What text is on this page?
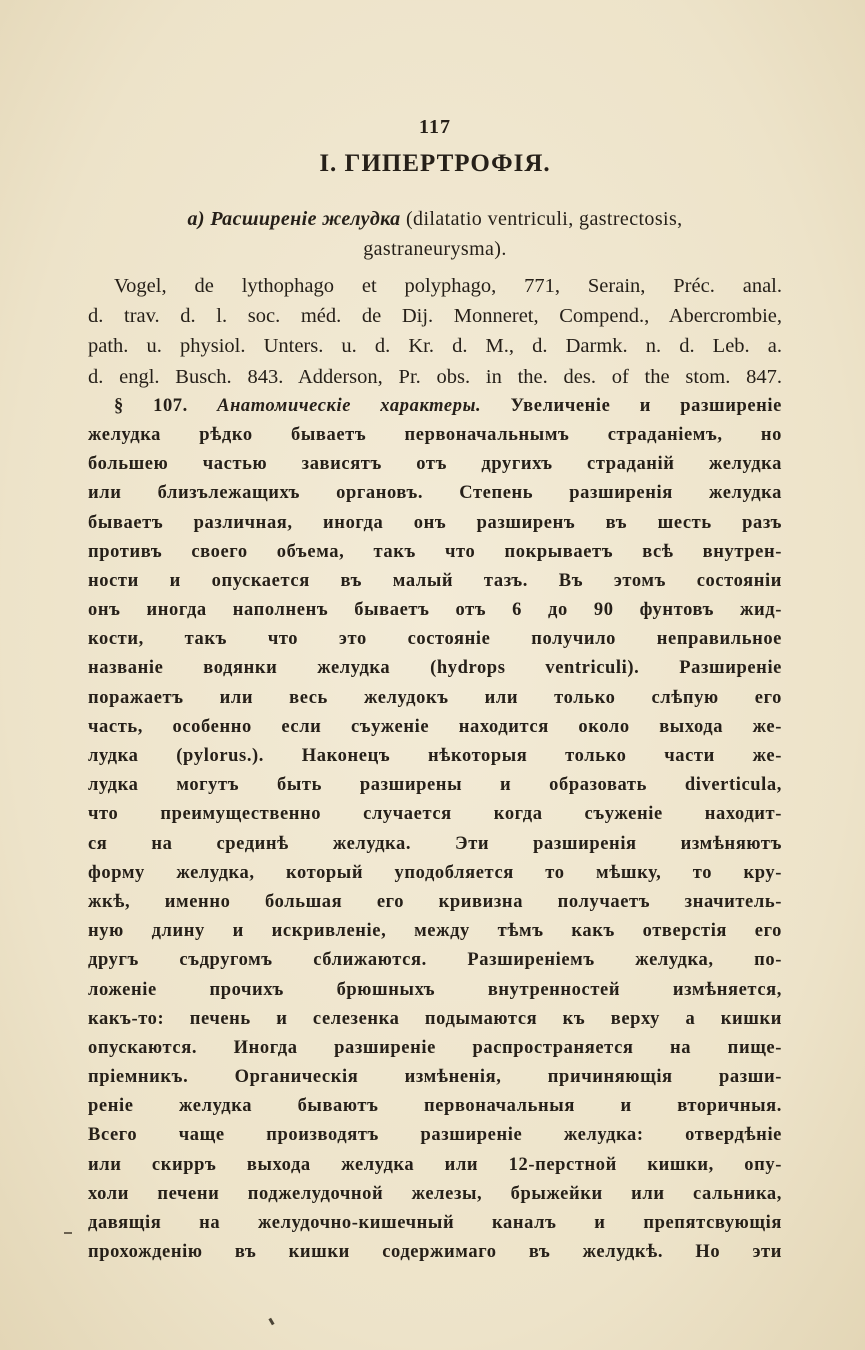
117
I. ГИПЕРТРОФІЯ.
a) Расширеніе желудка (dilatatio ventriculi, gastrectosis,
gastraneurysma).
Vogel, de lythophago et polyphago, 771, Serain, Préc. anal.
d. trav. d. l. soc. méd. de Dij. Monneret, Compend., Abercrombie,
path. u. physiol. Unters. u. d. Kr. d. M., d. Darmk. n. d. Leb. a.
d. engl. Busch. 843. Adderson, Pr. obs. in the. des. of the stom. 847.
§ 107. Анатомическіе характеры. Увеличеніе и разширеніе
желудка рѣдко бываетъ первоначальнымъ страданіемъ, но
большею частью зависятъ отъ другихъ страданій желудка
или близълежащихъ органовъ. Степень разширенія желудка
бываетъ различная, иногда онъ разширенъ въ шесть разъ
противъ своего объема, такъ что покрываетъ всѣ внутрен-
ности и опускается въ малый тазъ. Въ этомъ состояніи
онъ иногда наполненъ бываетъ отъ 6 до 90 фунтовъ жид-
кости, такъ что это состояніе получило неправильное
названіе водянки желудка (hydrops ventriculi). Разширеніе
поражаетъ или весь желудокъ или только слѣпую его
часть, особенно если съуженіе находится около выхода же-
лудка (pylorus.). Наконецъ нѣкоторыя только части же-
лудка могутъ быть разширены и образовать diverticula,
что преимущественно случается когда съуженіе находит-
ся на срединѣ желудка. Эти разширенія измѣняютъ
форму желудка, который уподобляется то мѣшку, то кру-
жкѣ, именно большая его кривизна получаетъ значитель-
ную длину и искривленіе, между тѣмъ какъ отверстія его
другъ съдругомъ сближаются. Разширеніемъ желудка, по-
ложеніе прочихъ брюшныхъ внутренностей измѣняется,
какъ-то: печень и селезенка подымаются къ верху а кишки
опускаются. Иногда разширеніе распространяется на пище-
пріемникъ. Органическія измѣненія, причиняющія разши-
реніе желудка бываютъ первоначальныя и вторичныя.
Всего чаще производятъ разширеніе желудка: отвердѣніе
или скирръ выхода желудка или 12-перстной кишки, опу-
холи печени поджелудочной железы, брыжейки или сальника,
давящія на желудочно-кишечный каналъ и препятсвующія
прохожденію въ кишки содержимаго въ желудкѣ. Но эти
